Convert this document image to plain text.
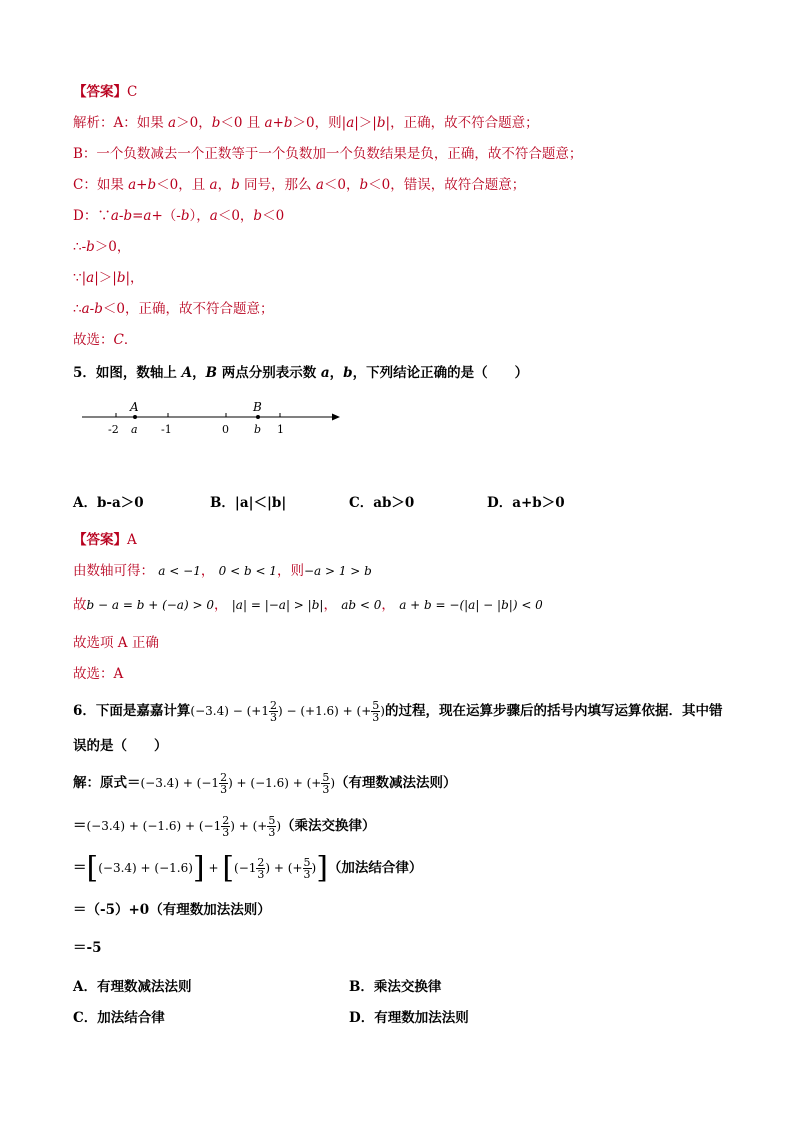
【答案】C
解析：A：如果 a＞0，b＜0 且 a+b＞0，则|a|＞|b|，正确，故不符合题意；
B：一个负数减去一个正数等于一个负数加一个负数结果是负，正确，故不符合题意；
C：如果 a+b＜0，且 a，b 同号，那么 a＜0，b＜0，错误，故符合题意；
D：∵a-b=a+（-b），a＜0，b＜0
∴-b＞0，
∵|a|＞|b|，
∴a-b＜0，正确，故不符合题意；
故选：C．
5．如图，数轴上 A，B 两点分别表示数 a，b，下列结论正确的是（　　）
A	B
-2 a -1	0 b 1
A．b-a＞0	B．|a|＜|b|	C．ab＞0	D．a+b＞0
【答案】A
由数轴可得： a < −1， 0 < b < 1，则−a > 1 > b
故b − a = b + (−a) > 0， |a| = |−a| > |b|， ab < 0， a + b = −(|a| − |b|) < 0
故选项 A 正确
故选：A
6．下面是嘉嘉计算$(-3.4) - (+1 \frac{2}{3}$ ) − (+1.6) + (+ $\frac{5}{3}$ )的过程，现在运算步骤后的括号内填写运算依据．其中错
误的是（　　）
解：原式$=(-3.4) + (-1 \frac{2}{3}$ ) + (−1.6) + (+ $\frac{5}{3}$ )（有理数减法法则）
$=(-3.4) + (-1.6) + (-1 \frac{2}{3}$ ) + (+ $\frac{5}{3}$ )（乘法交换律）
$=[(-3.4) + (-1.6)] + [(-1 \frac{2}{3}$ ) + (+ $\frac{5}{3}$ )]（加法结合律）
＝（-5）+0（有理数加法法则）
＝-5
A．有理数减法法则	B．乘法交换律
C．加法结合律	D．有理数加法法则
